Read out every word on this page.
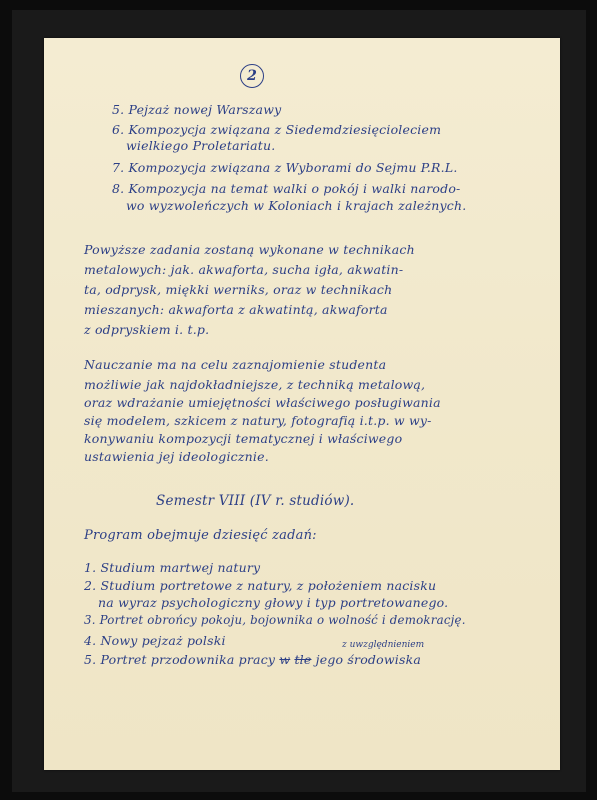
2
5. Pejzaż nowej Warszawy
6. Kompozycja związana z Siedemdziesięcioleciem
wielkiego Proletariatu.
7. Kompozycja związana z Wyborami do Sejmu P.R.L.
8. Kompozycja na temat walki o pokój i walki narodo-
wo wyzwoleńczych w Koloniach i krajach zależnych.
Powyższe zadania zostaną wykonane w technikach
metalowych: jak. akwaforta, sucha igła, akwatin-
ta, odprysk, miękki werniks, oraz w technikach
mieszanych: akwaforta z akwatintą, akwaforta
z odpryskiem i. t.p.
Nauczanie ma na celu zaznajomienie studenta
możliwie jak najdokładniejsze, z techniką metalową,
oraz wdrażanie umiejętności właściwego posługiwania
się modelem, szkicem z natury, fotografią i.t.p. w wy-
konywaniu kompozycji tematycznej i właściwego
ustawienia jej ideologicznie.
Semestr VIII (IV r. studiów).
Program obejmuje dziesięć zadań:
1. Studium martwej natury
2. Studium portretowe z natury, z położeniem nacisku
na wyraz psychologiczny głowy i typ portretowanego.
3. Portret obrońcy pokoju, bojownika o wolność i demokrację.
4. Nowy pejzaż polski	z uwzględnieniem
5. Portret przodownika pracy w tle jego środowiska
